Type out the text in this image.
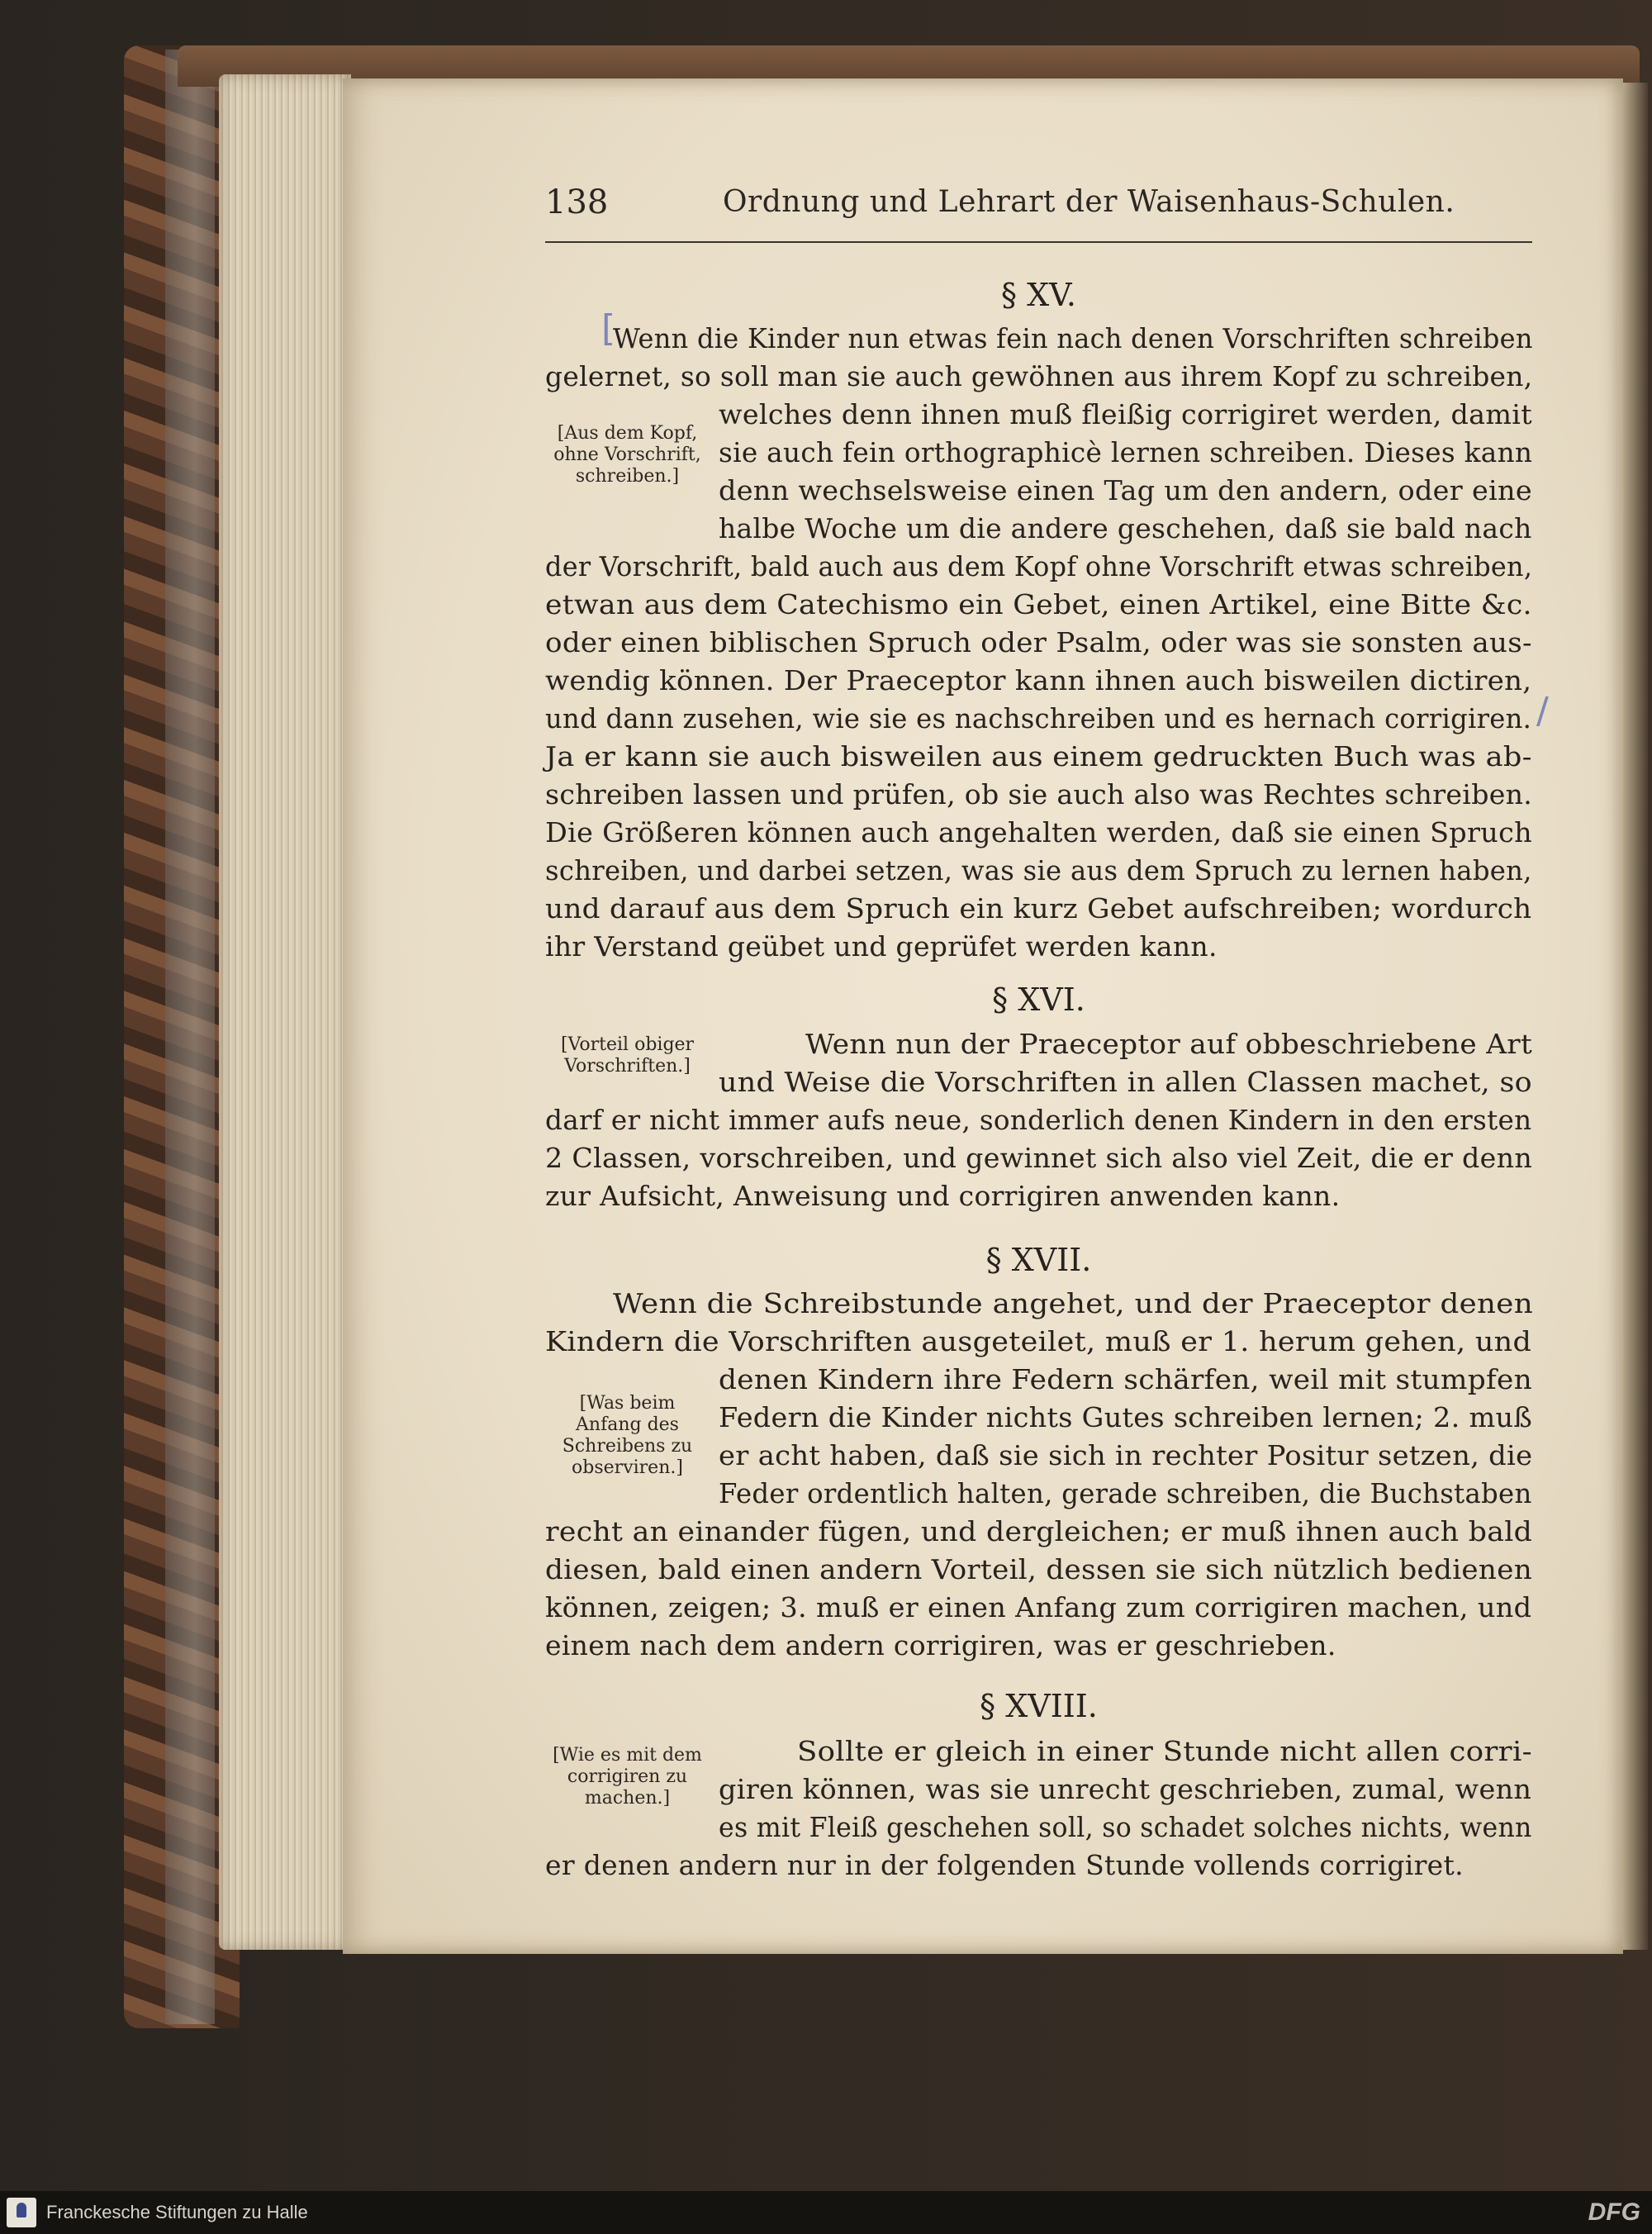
138	Ordnung und Lehrart der Waisenhaus-Schulen.
[
/
§ XV.
[Aus dem Kopf, ohne Vorschrift, schreiben.]
Wenn die Kinder nun etwas fein nach denen Vorschriften schreiben
gelernet, so soll man sie auch gewöhnen aus ihrem Kopf zu schreiben,
welches denn ihnen muß fleißig corrigiret werden, damit
sie auch fein orthographicè lernen schreiben. Dieses kann
denn wechselsweise einen Tag um den andern, oder eine
halbe Woche um die andere geschehen, daß sie bald nach
der Vorschrift, bald auch aus dem Kopf ohne Vorschrift etwas schreiben,
etwan aus dem Catechismo ein Gebet, einen Artikel, eine Bitte &c.
oder einen biblischen Spruch oder Psalm, oder was sie sonsten aus-
wendig können. Der Praeceptor kann ihnen auch bisweilen dictiren,
und dann zusehen, wie sie es nachschreiben und es hernach corrigiren.
Ja er kann sie auch bisweilen aus einem gedruckten Buch was ab-
schreiben lassen und prüfen, ob sie auch also was Rechtes schreiben.
Die Größeren können auch angehalten werden, daß sie einen Spruch
schreiben, und darbei setzen, was sie aus dem Spruch zu lernen haben,
und darauf aus dem Spruch ein kurz Gebet aufschreiben; wordurch
ihr Verstand geübet und geprüfet werden kann.
§ XVI.
[Vorteil obiger Vorschriften.]
Wenn nun der Praeceptor auf obbeschriebene Art
und Weise die Vorschriften in allen Classen machet, so
darf er nicht immer aufs neue, sonderlich denen Kindern in den ersten
2 Classen, vorschreiben, und gewinnet sich also viel Zeit, die er denn
zur Aufsicht, Anweisung und corrigiren anwenden kann.
§ XVII.
[Was beim Anfang des Schreibens zu observiren.]
Wenn die Schreibstunde angehet, und der Praeceptor denen
Kindern die Vorschriften ausgeteilet, muß er 1. herum gehen, und
denen Kindern ihre Federn schärfen, weil mit stumpfen
Federn die Kinder nichts Gutes schreiben lernen; 2. muß
er acht haben, daß sie sich in rechter Positur setzen, die
Feder ordentlich halten, gerade schreiben, die Buchstaben
recht an einander fügen, und dergleichen; er muß ihnen auch bald
diesen, bald einen andern Vorteil, dessen sie sich nützlich bedienen
können, zeigen; 3. muß er einen Anfang zum corrigiren machen, und
einem nach dem andern corrigiren, was er geschrieben.
§ XVIII.
[Wie es mit dem corrigiren zu machen.]
Sollte er gleich in einer Stunde nicht allen corri-
giren können, was sie unrecht geschrieben, zumal, wenn
es mit Fleiß geschehen soll, so schadet solches nichts, wenn
er denen andern nur in der folgenden Stunde vollends corrigiret.
Franckesche Stiftungen zu Halle	DFG
